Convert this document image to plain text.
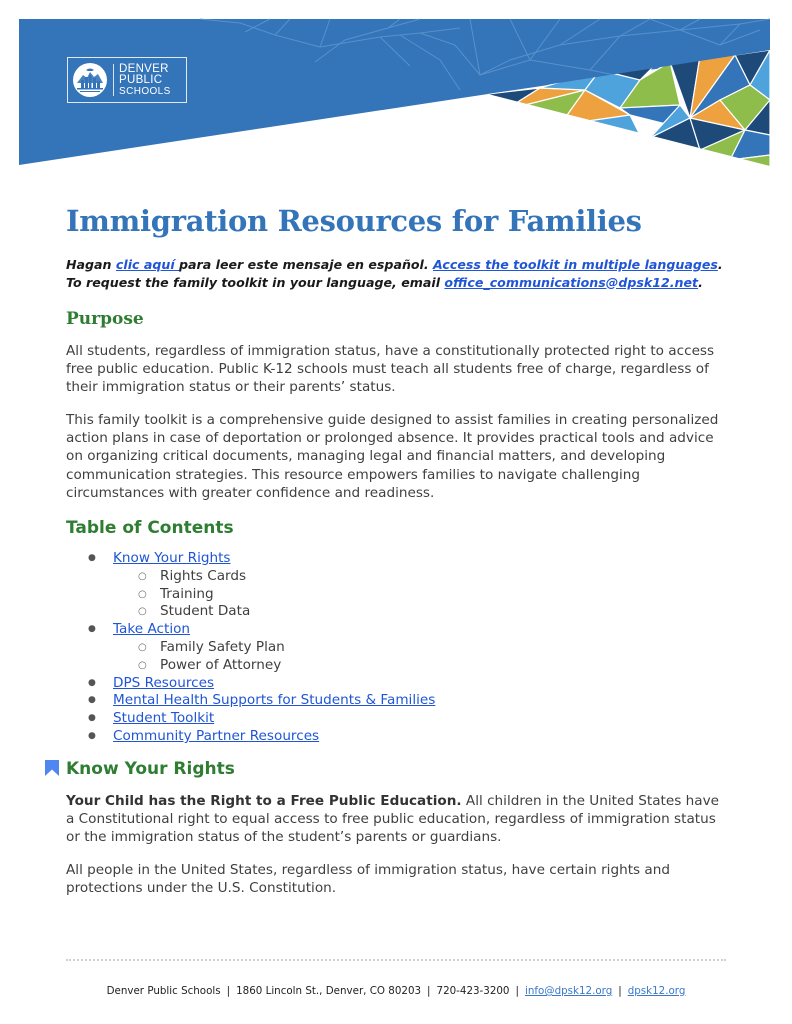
DENVER
PUBLIC
SCHOOLS
Immigration Resources for Families
Hagan clic aquí para leer este mensaje en español. Access the toolkit in multiple languages.
To request the family toolkit in your language, email office_communications@dpsk12.net.
Purpose

All students, regardless of immigration status, have a constitutionally protected right to access free public education. Public K-12 schools must teach all students free of charge, regardless of their immigration status or their parents’ status.

This family toolkit is a comprehensive guide designed to assist families in creating personalized action plans in case of deportation or prolonged absence. It provides practical tools and advice on organizing critical documents, managing legal and financial matters, and developing communication strategies. This resource empowers families to navigate challenging circumstances with greater confidence and readiness.

Table of Contents
● Know Your Rights
○ Rights Cards
○ Training
○ Student Data
● Take Action
○ Family Safety Plan
○ Power of Attorney
● DPS Resources
● Mental Health Supports for Students & Families
● Student Toolkit
● Community Partner Resources
Know Your Rights

Your Child has the Right to a Free Public Education. All children in the United States have a Constitutional right to equal access to free public education, regardless of immigration status or the immigration status of the student’s parents or guardians.

All people in the United States, regardless of immigration status, have certain rights and protections under the U.S. Constitution.

Denver Public Schools | 1860 Lincoln St., Denver, CO 80203 | 720-423-3200 | info@dpsk12.org | dpsk12.org
